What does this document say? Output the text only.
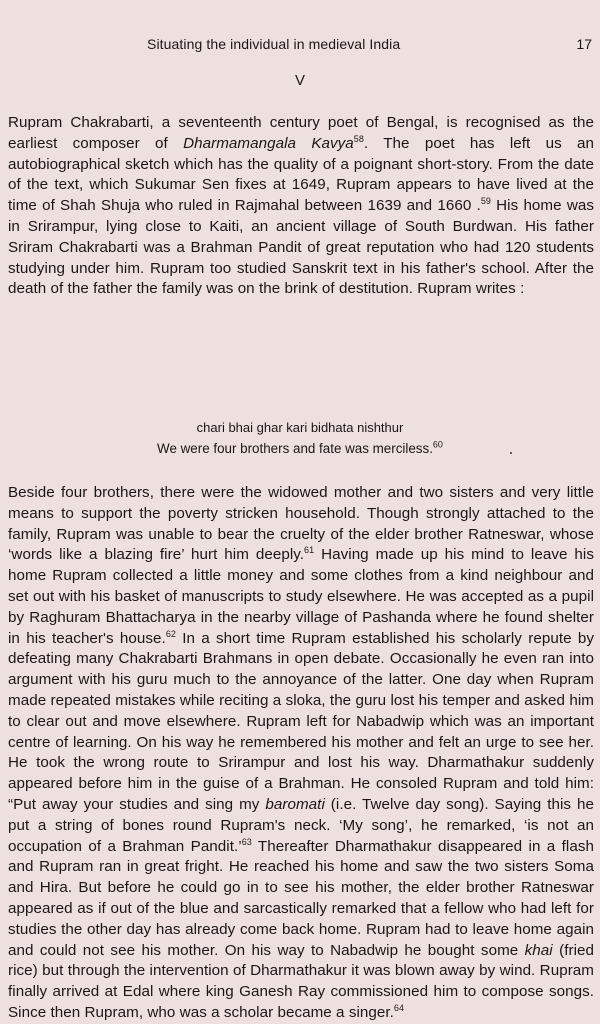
Situating the individual in medieval India	17
V

Rupram Chakrabarti, a seventeenth century poet of Bengal, is recognised as the earliest composer of Dharmamangala Kavya$^{58}$. The poet has left us an autobiographical sketch which has the quality of a poignant short-story. From the date of the text, which Sukumar Sen fixes at 1649, Rupram appears to have lived at the time of Shah Shuja who ruled in Rajmahal between 1639 and 1660 .$^{59}$ His home was in Srirampur, lying close to Kaiti, an ancient village of South Burdwan. His father Sriram Chakrabarti was a Brahman Pandit of great reputation who had 120 students studying under him. Rupram too studied Sanskrit text in his father's school. After the death of the father the family was on the brink of destitution. Rupram writes :

chari bhai ghar kari bidhata nishthur
We were four brothers and fate was merciless.$^{60}$

Beside four brothers, there were the widowed mother and two sisters and very little means to support the poverty stricken household. Though strongly attached to the family, Rupram was unable to bear the cruelty of the elder brother Ratneswar, whose ‘words like a blazing fire’ hurt him deeply.$^{61}$ Having made up his mind to leave his home Rupram collected a little money and some clothes from a kind neighbour and set out with his basket of manuscripts to study elsewhere. He was accepted as a pupil by Raghuram Bhattacharya in the nearby village of Pashanda where he found shelter in his teacher's house.$^{62}$ In a short time Rupram established his scholarly repute by defeating many Chakrabarti Brahmans in open debate. Occasionally he even ran into argument with his guru much to the annoyance of the latter. One day when Rupram made repeated mistakes while reciting a sloka, the guru lost his temper and asked him to clear out and move elsewhere. Rupram left for Nabadwip which was an important centre of learning. On his way he remembered his mother and felt an urge to see her. He took the wrong route to Srirampur and lost his way. Dharmathakur suddenly appeared before him in the guise of a Brahman. He consoled Rupram and told him: “Put away your studies and sing my baromati (i.e. Twelve day song). Saying this he put a string of bones round Rupram's neck. ‘My song’, he remarked, ‘is not an occupation of a Brahman Pandit.’$^{63}$ Thereafter Dharmathakur disappeared in a flash and Rupram ran in great fright. He reached his home and saw the two sisters Soma and Hira. But before he could go in to see his mother, the elder brother Ratneswar appeared as if out of the blue and sarcastically remarked that a fellow who had left for studies the other day has already come back home. Rupram had to leave home again and could not see his mother. On his way to Nabadwip he bought some khai (fried rice) but through the intervention of Dharmathakur it was blown away by wind. Rupram finally arrived at Edal where king Ganesh Ray commissioned him to compose songs. Since then Rupram, who was a scholar became a singer.$^{64}$
